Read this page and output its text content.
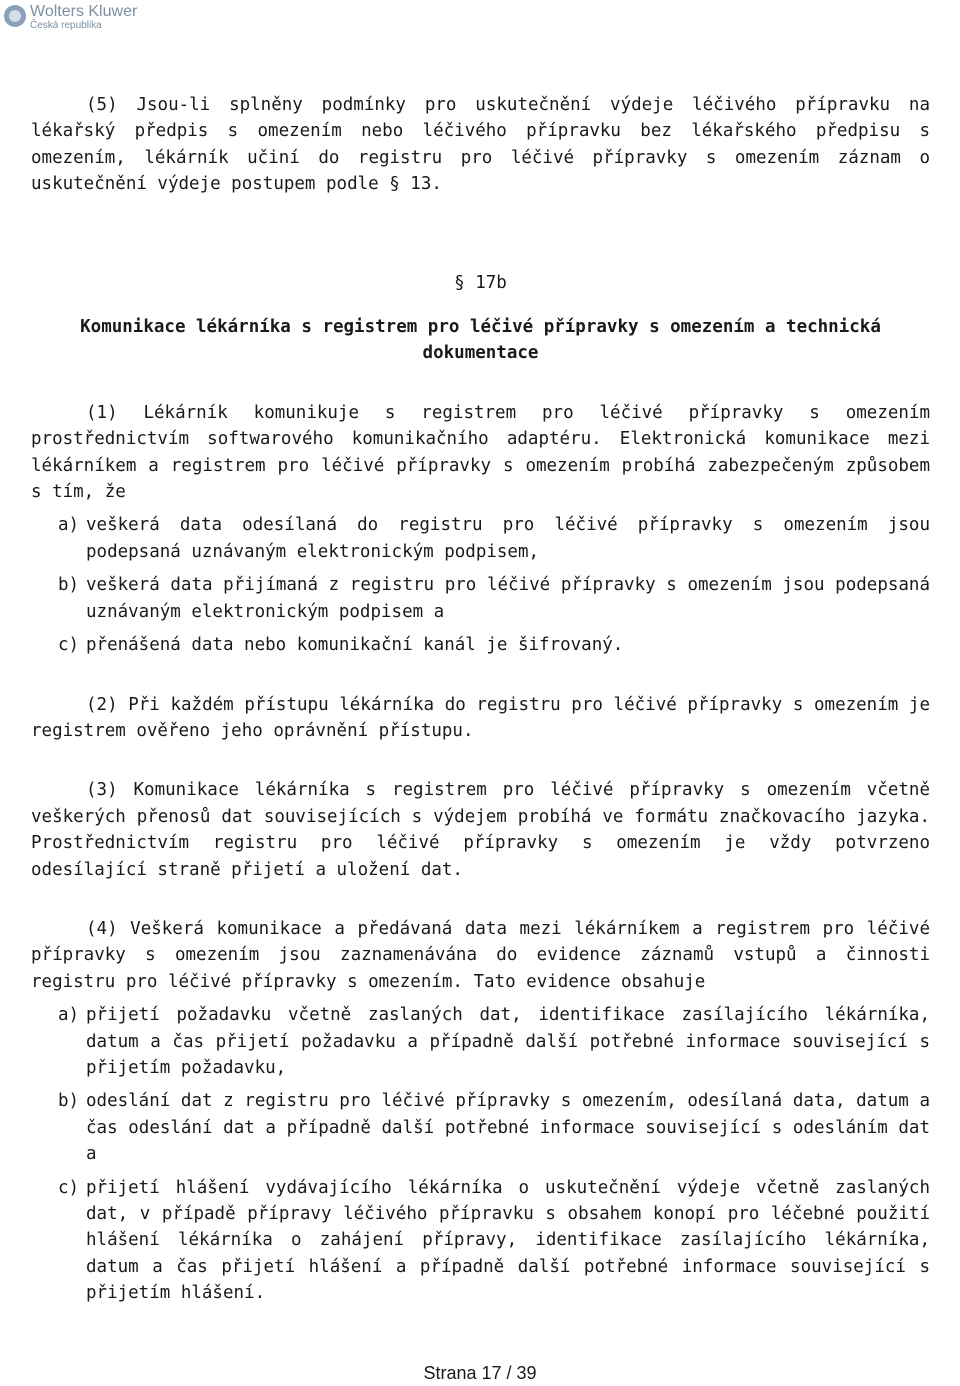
Wolters Kluwer
Česká republika

(5) Jsou-li splněny podmínky pro uskutečnění výdeje léčivého přípravku na lékařský předpis s omezením nebo léčivého přípravku bez lékařského předpisu s omezením, lékárník učiní do registru pro léčivé přípravky s omezením záznam o uskutečnění výdeje postupem podle § 13.

§ 17b

Komunikace lékárníka s registrem pro léčivé přípravky s omezením a technická dokumentace

(1) Lékárník komunikuje s registrem pro léčivé přípravky s omezením prostřednictvím softwarového komunikačního adaptéru. Elektronická komunikace mezi lékárníkem a registrem pro léčivé přípravky s omezením probíhá zabezpečeným způsobem s tím, že

a) veškerá data odesílaná do registru pro léčivé přípravky s omezením jsou podepsaná uznávaným elektronickým podpisem,
b) veškerá data přijímaná z registru pro léčivé přípravky s omezením jsou podepsaná uznávaným elektronickým podpisem a
c) přenášená data nebo komunikační kanál je šifrovaný.

(2) Při každém přístupu lékárníka do registru pro léčivé přípravky s omezením je registrem ověřeno jeho oprávnění přístupu.

(3) Komunikace lékárníka s registrem pro léčivé přípravky s omezením včetně veškerých přenosů dat souvisejících s výdejem probíhá ve formátu značkovacího jazyka. Prostřednictvím registru pro léčivé přípravky s omezením je vždy potvrzeno odesílající straně přijetí a uložení dat.

(4) Veškerá komunikace a předávaná data mezi lékárníkem a registrem pro léčivé přípravky s omezením jsou zaznamenávána do evidence záznamů vstupů a činnosti registru pro léčivé přípravky s omezením. Tato evidence obsahuje

a) přijetí požadavku včetně zaslaných dat, identifikace zasílajícího lékárníka, datum a čas přijetí požadavku a případně další potřebné informace související s přijetím požadavku,
b) odeslání dat z registru pro léčivé přípravky s omezením, odesílaná data, datum a čas odeslání dat a případně další potřebné informace související s odesláním dat a
c) přijetí hlášení vydávajícího lékárníka o uskutečnění výdeje včetně zaslaných dat, v případě přípravy léčivého přípravku s obsahem konopí pro léčebné použití hlášení lékárníka o zahájení přípravy, identifikace zasílajícího lékárníka, datum a čas přijetí hlášení a případně další potřebné informace související s přijetím hlášení.
Strana 17 / 39
